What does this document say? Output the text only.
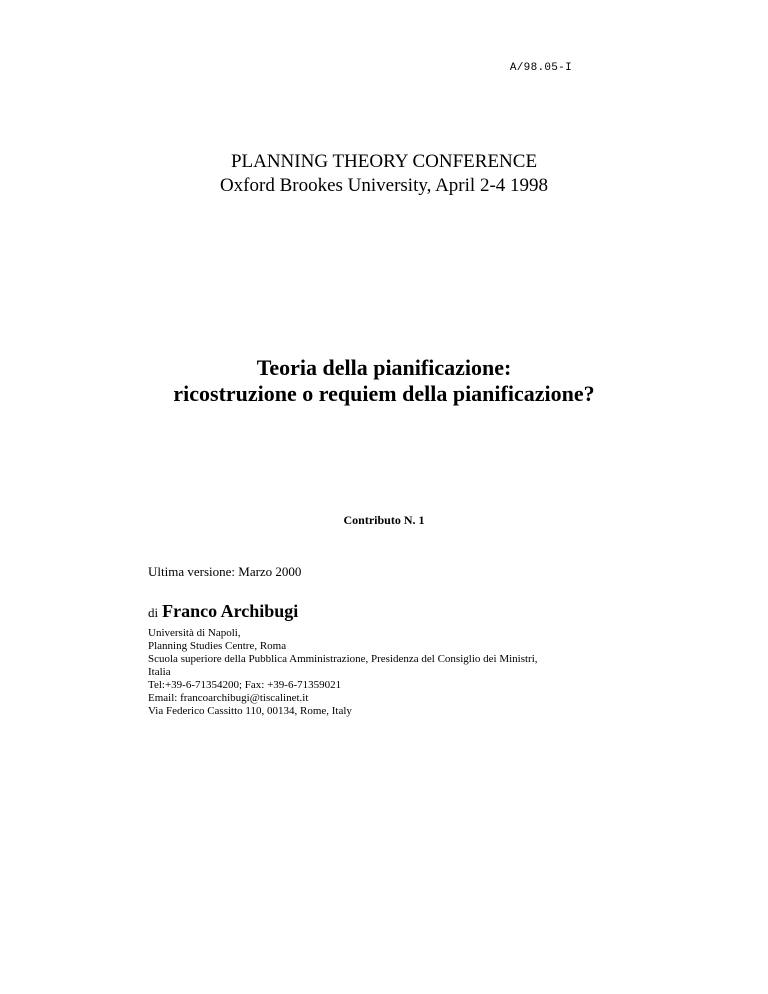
A/98.05-I
PLANNING THEORY CONFERENCE
Oxford Brookes University, April 2-4 1998
Teoria della pianificazione:
ricostruzione o requiem della pianificazione?
Contributo N. 1
Ultima versione: Marzo 2000
di Franco Archibugi
Università di Napoli,
Planning Studies Centre, Roma
Scuola superiore della Pubblica Amministrazione, Presidenza del Consiglio dei Ministri,
Italia
Tel:+39-6-71354200; Fax: +39-6-71359021
Email: francoarchibugi@tiscalinet.it
Via Federico Cassitto 110, 00134, Rome, Italy
